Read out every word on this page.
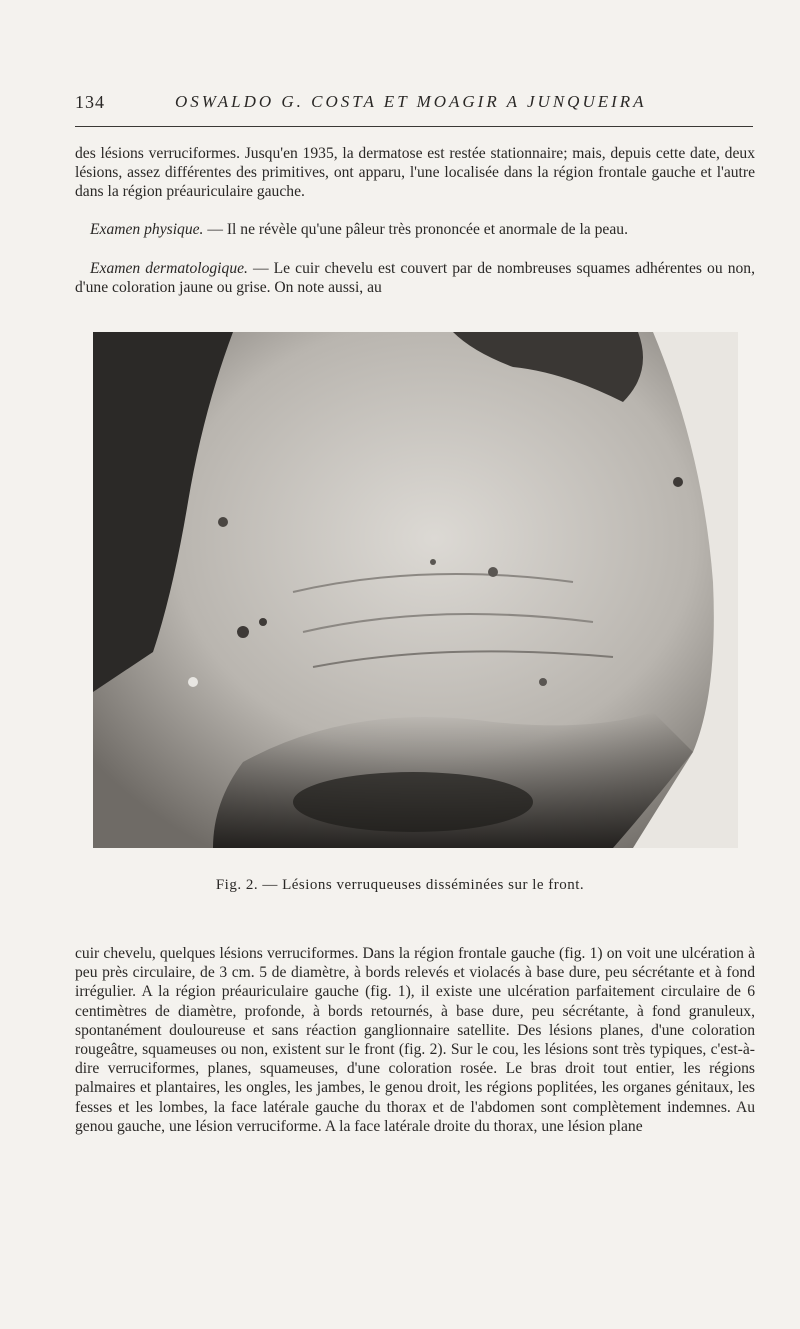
134	OSWALDO G. COSTA ET MOAGIR A JUNQUEIRA

des lésions verruciformes. Jusqu'en 1935, la dermatose est restée stationnaire; mais, depuis cette date, deux lésions, assez différentes des primitives, ont apparu, l'une localisée dans la région frontale gauche et l'autre dans la région préauriculaire gauche.

Examen physique. — Il ne révèle qu'une pâleur très prononcée et anormale de la peau.

Examen dermatologique. — Le cuir chevelu est couvert par de nombreuses squames adhérentes ou non, d'une coloration jaune ou grise. On note aussi, au

Fig. 2. — Lésions verruqueuses disséminées sur le front.

cuir chevelu, quelques lésions verruciformes. Dans la région frontale gauche (fig. 1) on voit une ulcération à peu près circulaire, de 3 cm. 5 de diamètre, à bords relevés et violacés à base dure, peu sécrétante et à fond irrégulier. A la région préauriculaire gauche (fig. 1), il existe une ulcération parfaitement circulaire de 6 centimètres de diamètre, profonde, à bords retournés, à base dure, peu sécrétante, à fond granuleux, spontanément douloureuse et sans réaction ganglionnaire satellite. Des lésions planes, d'une coloration rougeâtre, squameuses ou non, existent sur le front (fig. 2). Sur le cou, les lésions sont très typiques, c'est-à-dire verruciformes, planes, squameuses, d'une coloration rosée. Le bras droit tout entier, les régions palmaires et plantaires, les ongles, les jambes, le genou droit, les régions poplitées, les organes génitaux, les fesses et les lombes, la face latérale gauche du thorax et de l'abdomen sont complètement indemnes. Au genou gauche, une lésion verruciforme. A la face latérale droite du thorax, une lésion plane
